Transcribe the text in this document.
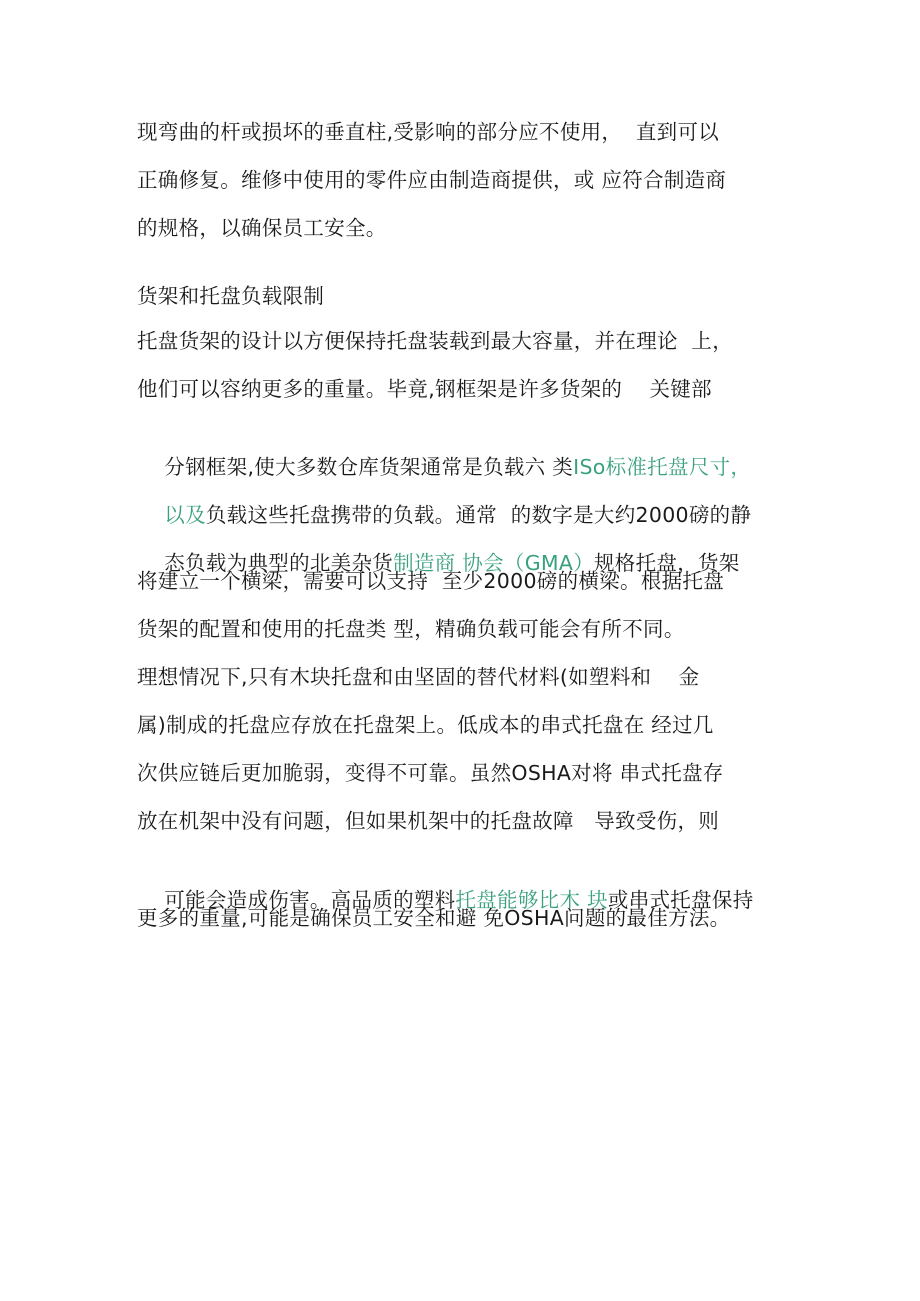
现弯曲的杆或损坏的垂直柱,受影响的部分应不使用，  直到可以
正确修复。维修中使用的零件应由制造商提供，或 应符合制造商
的规格，以确保员工安全。
货架和托盘负载限制
托盘货架的设计以方便保持托盘装载到最大容量，并在理论  上，
他们可以容纳更多的重量。毕竟,钢框架是许多货架的    关键部

分钢框架,使大多数仓库货架通常是负载六 类ISo标准托盘尺寸，

以及负载这些托盘携带的负载。通常  的数字是大约2000磅的静

态负载为典型的北美杂货制造商 协会（GMA）规格托盘，货架

将建立一个横梁，需要可以支持  至少2000磅的横梁。根据托盘
货架的配置和使用的托盘类 型，精确负载可能会有所不同。
理想情况下,只有木块托盘和由坚固的替代材料(如塑料和    金
属)制成的托盘应存放在托盘架上。低成本的串式托盘在 经过几
次供应链后更加脆弱，变得不可靠。虽然OSHA对将 串式托盘存
放在机架中没有问题，但如果机架中的托盘故障   导致受伤，则

可能会造成伤害。高品质的塑料托盘能够比木 块或串式托盘保持

更多的重量,可能是确保员工安全和避 免OSHA问题的最佳方法。
